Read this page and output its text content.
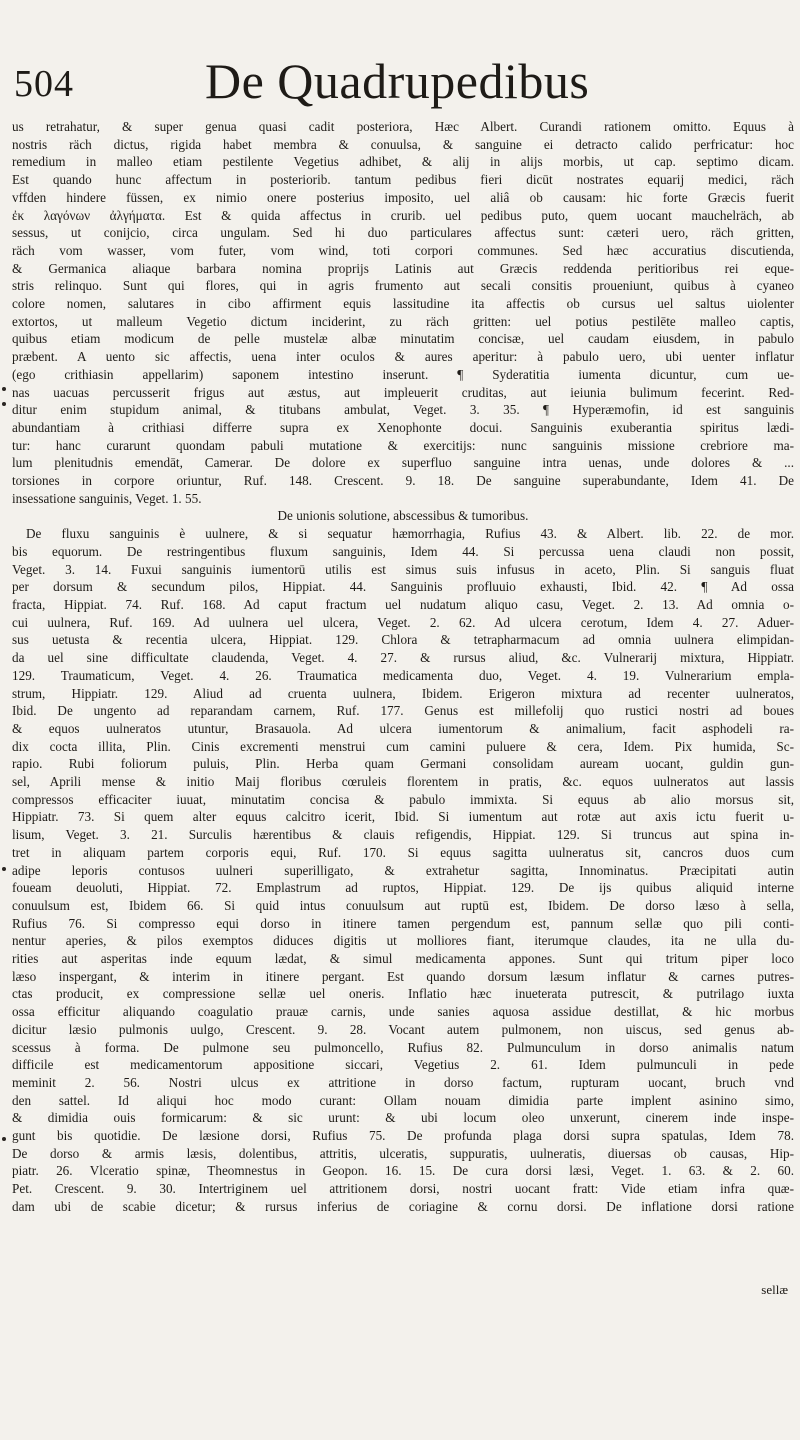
504	De Quadrupedibus
us retrahatur, & super genua quasi cadit posteriora, Hæc Albert. Curandi rationem omitto. Equus à
nostris räch dictus, rigida habet membra & conuulsa, & sanguine ei detracto calido perfricatur: hoc
remedium in malleo etiam pestilente Vegetius adhibet, & alij in alijs morbis, ut cap. septimo dicam.
Est quando hunc affectum in posteriorib. tantum pedibus fieri dicūt nostrates equarij medici, räch
vffden hindere füssen, ex nimio onere posterius imposito, uel aliâ ob causam: hic forte Græcis fuerit
ἐκ λαγόνων ἀλγήματα. Est & quida affectus in crurib. uel pedibus puto, quem uocant mauchelräch, ab
sessus, ut conijcio, circa ungulam. Sed hi duo particulares affectus sunt: cæteri uero, räch gritten,
räch vom wasser, vom futer, vom wind, toti corpori communes. Sed hæc accuratius discutienda,
& Germanica aliaque barbara nomina proprijs Latinis aut Græcis reddenda peritioribus rei eque-
stris relinquo. Sunt qui flores, qui in agris frumento aut secali consitis proueniunt, quibus à cyaneo
colore nomen, salutares in cibo affirment equis lassitudine ita affectis ob cursus uel saltus uiolenter
extortos, ut malleum Vegetio dictum inciderint, zu räch gritten: uel potius pestilēte malleo captis,
quibus etiam modicum de pelle mustelæ albæ minutatim concisæ, uel caudam eiusdem, in pabulo
præbent. A uento sic affectis, uena inter oculos & aures aperitur: à pabulo uero, ubi uenter inflatur
(ego crithiasin appellarim) saponem intestino inserunt. ¶ Syderatitia iumenta dicuntur, cum ue-
nas uacuas percusserit frigus aut æstus, aut impleuerit cruditas, aut ieiunia bulimum fecerint. Red-
ditur enim stupidum animal, & titubans ambulat, Veget. 3. 35. ¶ Hyperæmofin, id est sanguinis
abundantiam à crithiasi differre supra ex Xenophonte docui. Sanguinis exuberantia spiritus lædi-
tur: hanc curarunt quondam pabuli mutatione & exercitijs: nunc sanguinis missione crebriore ma-
lum plenitudnis emendāt, Camerar. De dolore ex superfluo sanguine intra uenas, unde dolores & ...
torsiones in corpore oriuntur, Ruf. 148. Crescent. 9. 18. De sanguine superabundante, Idem 41. De
insessatione sanguinis, Veget. 1. 55.
De unionis solutione, abscessibus & tumoribus.
De fluxu sanguinis è uulnere, & si sequatur hæmorrhagia, Rufius 43. & Albert. lib. 22. de mor.
bis equorum. De restringentibus fluxum sanguinis, Idem 44. Si percussa uena claudi non possit,
Veget. 3. 14. Fuxui sanguinis iumentorū utilis est simus suis infusus in aceto, Plin. Si sanguis fluat
per dorsum & secundum pilos, Hippiat. 44. Sanguinis profluuio exhausti, Ibid. 42. ¶ Ad ossa
fracta, Hippiat. 74. Ruf. 168. Ad caput fractum uel nudatum aliquo casu, Veget. 2. 13. Ad omnia o-
cui uulnera, Ruf. 169. Ad uulnera uel ulcera, Veget. 2. 62. Ad ulcera cerotum, Idem 4. 27. Aduer-
sus uetusta & recentia ulcera, Hippiat. 129. Chlora & tetrapharmacum ad omnia uulnera elimpidan-
da uel sine difficultate claudenda, Veget. 4. 27. & rursus aliud, &c. Vulnerarij mixtura, Hippiatr.
129. Traumaticum, Veget. 4. 26. Traumatica medicamenta duo, Veget. 4. 19. Vulnerarium empla-
strum, Hippiatr. 129. Aliud ad cruenta uulnera, Ibidem. Erigeron mixtura ad recenter uulneratos,
Ibid. De ungento ad reparandam carnem, Ruf. 177. Genus est millefolij quo rustici nostri ad boues
& equos uulneratos utuntur, Brasauola. Ad ulcera iumentorum & animalium, facit asphodeli ra-
dix cocta illita, Plin. Cinis excrementi menstrui cum camini puluere & cera, Idem. Pix humida, Sc-
rapio. Rubi foliorum puluis, Plin. Herba quam Germani consolidam auream uocant, guldin gun-
sel, Aprili mense & initio Maij floribus cœruleis florentem in pratis, &c. equos uulneratos aut lassis
compressos efficaciter iuuat, minutatim concisa & pabulo immixta. Si equus ab alio morsus sit,
Hippiatr. 73. Si quem alter equus calcitro icerit, Ibid. Si iumentum aut rotæ aut axis ictu fuerit u-
lisum, Veget. 3. 21. Surculis hærentibus & clauis refigendis, Hippiat. 129. Si truncus aut spina in-
tret in aliquam partem corporis equi, Ruf. 170. Si equus sagitta uulneratus sit, cancros duos cum
adipe leporis contusos uulneri superilligato, & extrahetur sagitta, Innominatus. Præcipitati autin
foueam deuoluti, Hippiat. 72. Emplastrum ad ruptos, Hippiat. 129. De ijs quibus aliquid interne
conuulsum est, Ibidem 66. Si quid intus conuulsum aut ruptū est, Ibidem. De dorso læso à sella,
Rufius 76. Si compresso equi dorso in itinere tamen pergendum est, pannum sellæ quo pili conti-
nentur aperies, & pilos exemptos diduces digitis ut molliores fiant, iterumque claudes, ita ne ulla du-
rities aut asperitas inde equum lædat, & simul medicamenta appones. Sunt qui tritum piper loco
læso inspergant, & interim in itinere pergant. Est quando dorsum læsum inflatur & carnes putres-
ctas producit, ex compressione sellæ uel oneris. Inflatio hæc inueterata putrescit, & putrilago iuxta
ossa efficitur aliquando coagulatio prauæ carnis, unde sanies aquosa assidue destillat, & hic morbus
dicitur læsio pulmonis uulgo, Crescent. 9. 28. Vocant autem pulmonem, non uiscus, sed genus ab-
scessus à forma. De pulmone seu pulmoncello, Rufius 82. Pulmunculum in dorso animalis natum
difficile est medicamentorum appositione siccari, Vegetius 2. 61. Idem pulmunculi in pede
meminit 2. 56. Nostri ulcus ex attritione in dorso factum, rupturam uocant, bruch vnd
den sattel. Id aliqui hoc modo curant: Ollam nouam dimidia parte implent asinino simo,
& dimidia ouis formicarum: & sic urunt: & ubi locum oleo unxerunt, cinerem inde inspe-
gunt bis quotidie. De læsione dorsi, Rufius 75. De profunda plaga dorsi supra spatulas, Idem 78.
De dorso & armis læsis, dolentibus, attritis, ulceratis, suppuratis, uulneratis, diuersas ob causas, Hip-
piatr. 26. Vlceratio spinæ, Theomnestus in Geopon. 16. 15. De cura dorsi læsi, Veget. 1. 63. & 2. 60.
Pet. Crescent. 9. 30. Intertriginem uel attritionem dorsi, nostri uocant fratt: Vide etiam infra quæ-
dam ubi de scabie dicetur; & rursus inferius de coriagine & cornu dorsi. De inflatione dorsi ratione
sellæ
